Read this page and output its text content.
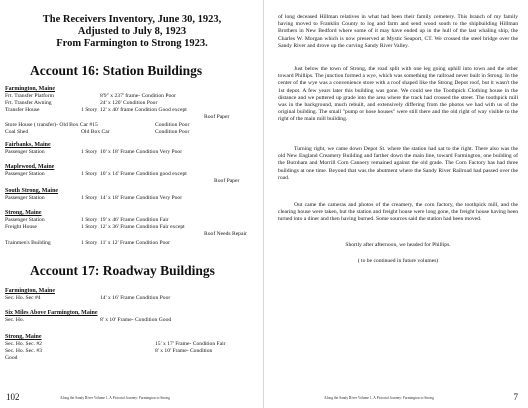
The Receivers Inventory, June 30, 1923,
Adjusted to July 8, 1923
From Farmington to Strong 1923.
Account 16: Station Buildings
Farmington, Maine
Frt. Transfer Platform	8'9" x 237' frame- Condition Poor
Frt. Transfer Awning	24' x 120' Condition Poor
Transfer House	1 Story 12' x 40' frame Condition Good except
Roof Paper
Store House ( transfer)- Old Box Car #15	Condition Poor
Coal Shed	Old Box Car	Condition Poor
Fairbanks, Maine
Passenger Station	1 Story 10' x 18' Frame Condition Very Poor
Maplewood, Maine
Passenger Station	1 Story 10' x 14' Frame Condition good except
Roof Paper
South Strong, Maine
Passenger Station	1 Story 14' x 18' Frame Condition Very Poor
Strong, Maine
Passenger Station	1 Story 19' x 46' Frame Condition Fair
Freight House	1 Story 12' x 36' Frame Condition Fair except
Roof Needs Repair
Trainmen's Building	1 Story 11' x 12' Frame Condition Poor
Account 17: Roadway Buildings
Farmington, Maine
Sec. Ho. Sec #4	14' x 16' Frame Condition Poor
Six Miles Above Farmington, Maine
Sec. Ho.	8' x 10' Frame- Condition Good
Strong, Maine
Sec. Ho. Sec. #2	15' x 17' Frame- Condition Fair
Sec. Ho. Sec. #3	8' x 10' Frame- Condition
Good
102	Along the Sandy River Volume 1, A Pictorial Journey: Farmington to Strong

of long deceased Hillman relatives in what had been their family cemetery. This branch of my family having moved to Franklin County to log and farm and send wood south to the shipbuilding Hillman Brothers in New Bedford where some of it may have ended up in the hull of the last whaling ship, the Charles W. Morgan which is now preserved at Mystic Seaport, CT. We crossed the steel bridge over the Sandy River and drove up the curving Sandy River Valley.

Just below the town of Strong, the road split with one leg going uphill into town and the other toward Phillips. The junction formed a wye, which was something the railroad never built in Strong. In the center of the wye was a convenience store with a roof shaped like the Strong Depot roof, but it wasn't the 1st depot. A few years later this building was gone. We could see the Toothpick Clothing house in the distance and we puttered up grade into the area where the track had crossed the street. The toothpick mill was in the background, much rebuilt, and extensively differing from the photos we had with us of the original building. The small "pump or hose houses" were still there and the old right of way visible to the right of the main mill building.

Turning right, we came down Depot St. where the station had sat to the right. There also was the old New England Creamery Building and farther down the main line, toward Farmington, one building of the Burnham and Morrill Corn Cannery remained against the old grade. The Corn Factory has had three buildings at one time. Beyond that was the abutment where the Sandy River Railroad had passed over the road.

Out came the cameras and photos of the creamery, the corn factory, the toothpick mill, and the clearing house were taken, but the station and freight house were long gone, the freight house having been turned into a diner and then having burned. Some sources said the station had been moved.

Shortly after afternoon, we headed for Phillips.

( to be continued in future volumes)

Along the Sandy River Volume 1, A Pictorial Journey: Farmington to Strong	7
